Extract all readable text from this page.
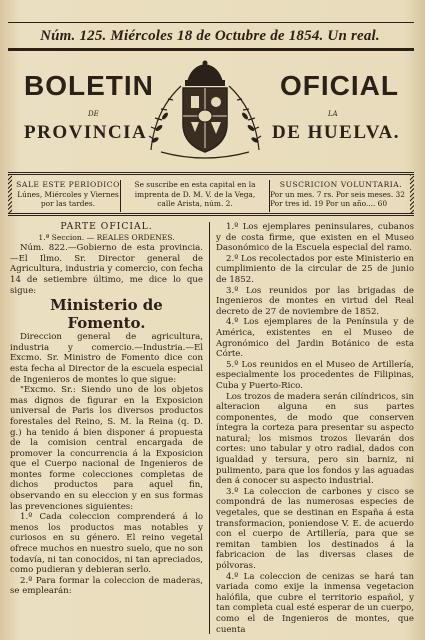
Núm. 125. Miércoles 18 de Octubre de 1854. Un real.
BOLETIN	OFICIAL
DE	LA
PROVINCIA	DE HUELVA.
SALE ESTE PERIODICO
Lúnes, Miércoles y Viernes
por las tardes.
Se suscribe en esta capital en la
imprenta de D. M. V. de la Vega,
calle Arista, núm. 2.
SUSCRICION VOLUNTARIA.
Por un mes. 7 rs. Por seis meses. 32
Por tres id. 19 Por un año.... 60

PARTE OFICIAL.

1.ª Seccion. — REALES ORDENES.

Núm. 822.—Gobierno de esta provincia. —El Ilmo. Sr. Director general de Agricultura, industria y comercio, con fecha 14 de setiembre último, me dice lo que sigue:

Ministerio de Fomento.

Direccion general de agricultura, industria y comercio.—Industria.—El Excmo. Sr. Ministro de Fomento dice con esta fecha al Director de la escuela especial de Ingenieros de montes lo que sigue:

"Excmo. Sr.: Siendo uno de los objetos mas dignos de figurar en la Exposicion universal de Paris los diversos productos forestales del Reino, S. M. la Reina (q. D. g.) ha tenido á bien disponer á propuesta de la comision central encargada de promover la concurrencia á la Exposicion que el Cuerpo nacional de Ingenieros de montes forme colecciones completas de dichos productos para aquel fin, observando en su eleccion y en sus formas las prevenciones siguientes:

1.º Cada coleccion comprenderá á lo menos los productos mas notables y curiosos en su género. El reino vegetal ofrece muchos en nuestro suelo, que no son todavía, ni tan conocidos, ni tan apreciados, como pudieran y debieran serlo.

2.º Para formar la coleccion de maderas, se emplearán:

1.º Los ejemplares peninsulares, cubanos y de costa firme, que existen en el Museo Dasonómico de la Escuela especial del ramo.

2.º Los recolectados por este Ministerio en cumplimiento de la circular de 25 de junio de 1852.

3.º Los reunidos por las brigadas de Ingenieros de montes en virtud del Real decreto de 27 de noviembre de 1852.

4.º Los ejemplares de la Península y de América, existentes en el Museo de Agronómico del Jardin Botánico de esta Córte.

5.º Los reunidos en el Museo de Artillería, especialmente los procedentes de Filipinas, Cuba y Puerto-Rico.

Los trozos de madera serán cilíndricos, sin alteracion alguna en sus partes componentes, de modo que conserven íntegra la corteza para presentar su aspecto natural; los mismos trozos llevarán dos cortes: uno tabular y otro radial, dados con igualdad y tersura, pero sin barniz, ni pulimento, para que los fondos y las aguadas den á conocer su aspecto industrial.

3.º La coleccion de carbones y cisco se compondrá de las numerosas especies de vegetales, que se destinan en España á esta transformacion, poniendose V. E. de acuerdo con el cuerpo de Artillería, para que se remitan tambien los destinados á la fabricacion de las diversas clases de pólvoras.

4.º La coleccion de cenizas se hará tan variada como exije la inmensa vegetacion halófila, que cubre el territorio español, y tan completa cual esté esperar de un cuerpo, como el de Ingenieros de montes, que cuenta
